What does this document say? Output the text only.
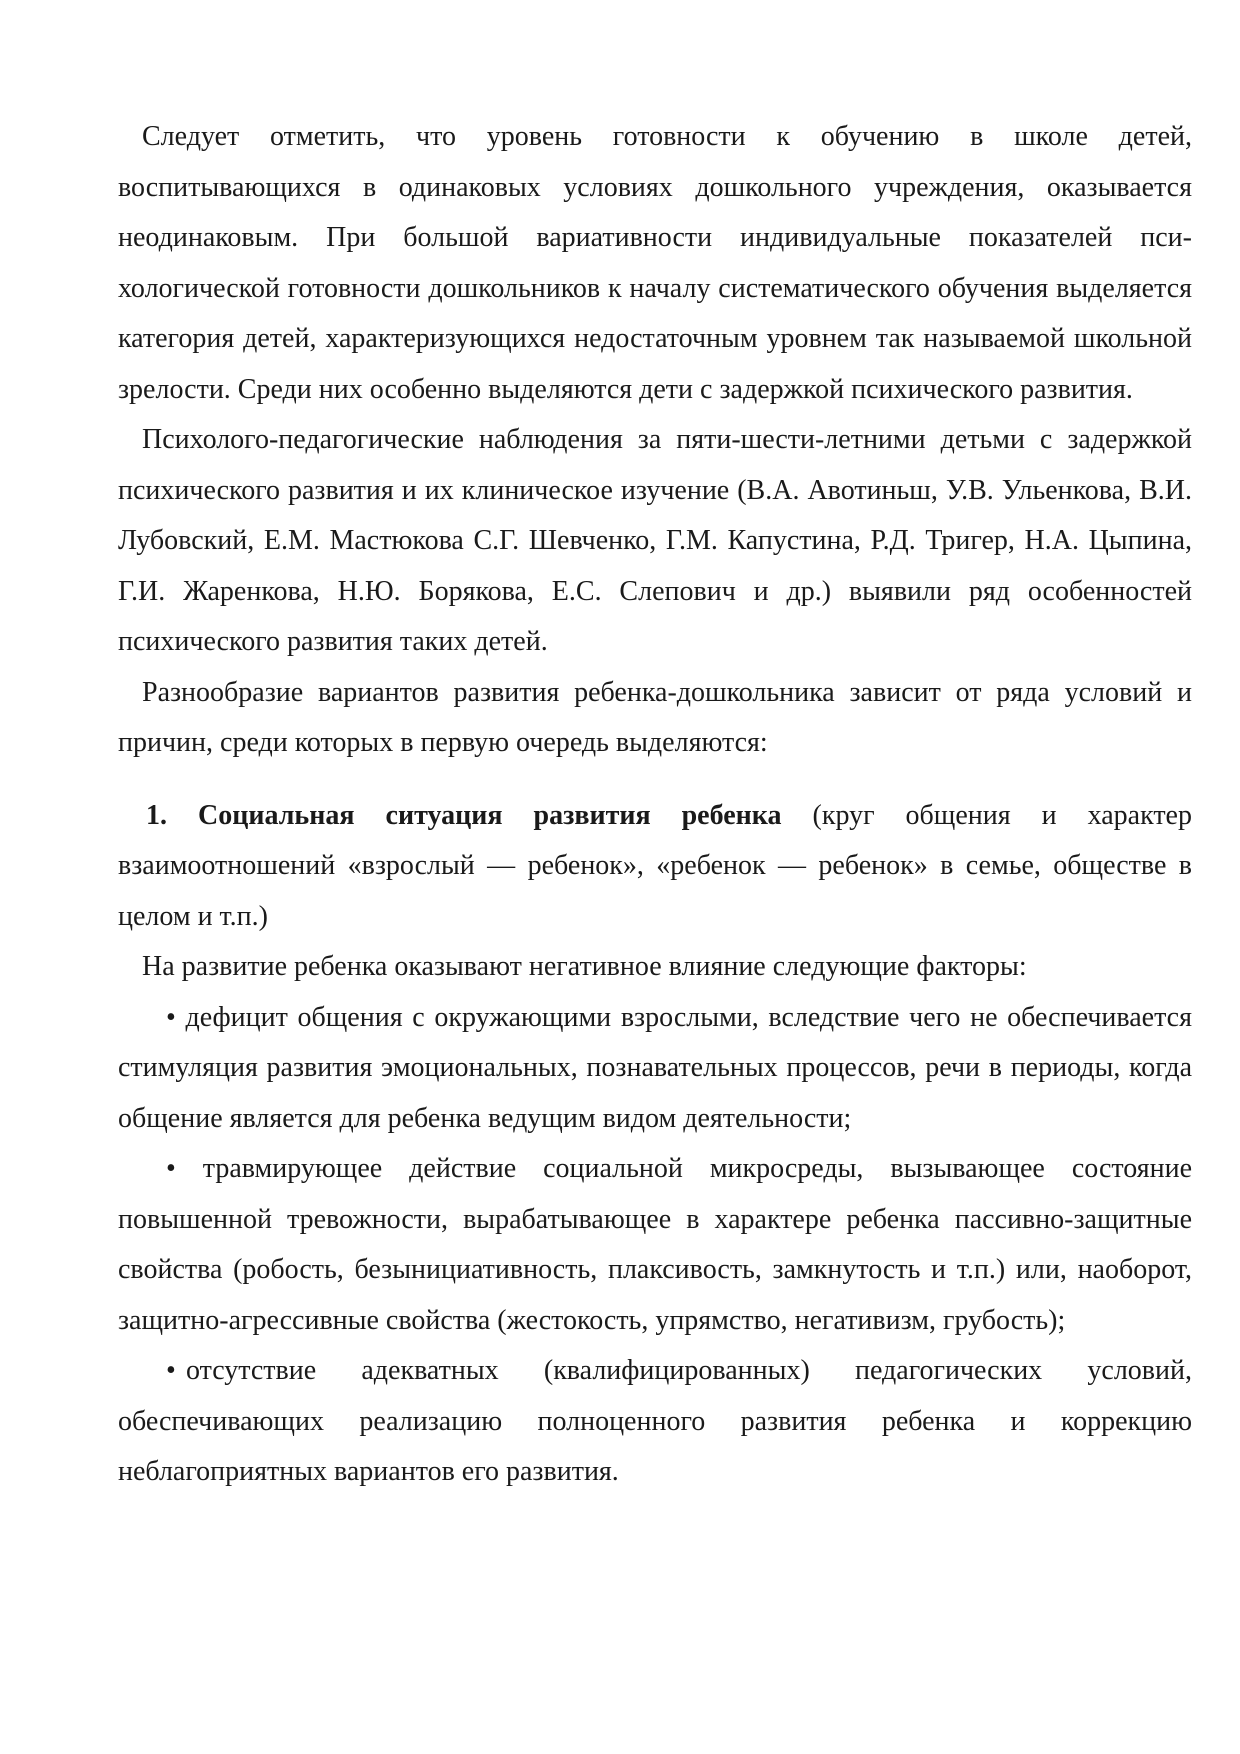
Следует отметить, что уровень готовности к обучению в школе детей, воспитывающихся в одинаковых условиях дошкольного учреждения, оказывается неодинаковым. При большой вариативности индивидуальные показателей психологической готовности дошкольников к началу систематического обучения выделяется категория детей, характеризующихся недостаточным уровнем так называемой школьной зрелости. Среди них особенно выделяются дети с задержкой психического развития.

Психолого-педагогические наблюдения за пяти-шести-летними детьми с задержкой психического развития и их клиническое изучение (В.А. Авотиньш, У.В. Ульенкова, В.И. Лубовский, Е.М. Мастюкова С.Г. Шевченко, Г.М. Капустина, Р.Д. Тригер, Н.А. Цыпина, Г.И. Жаренкова, Н.Ю. Борякова, Е.С. Слепович и др.) выявили ряд особенностей психического развития таких детей.

Разнообразие вариантов развития ребенка-дошкольника зависит от ряда условий и причин, среди которых в первую очередь выделяются:

1. Социальная ситуация развития ребенка (круг общения и характер взаимоотношений «взрослый — ребенок», «ребенок — ребенок» в семье, обществе в целом и т.п.)

На развитие ребенка оказывают негативное влияние следующие факторы:

• дефицит общения с окружающими взрослыми, вследствие чего не обеспечивается стимуляция развития эмоциональных, познавательных процессов, речи в периоды, когда общение является для ребенка ведущим видом деятельности;

• травмирующее действие социальной микросреды, вызывающее состояние повышенной тревожности, вырабатывающее в характере ребенка пассивно-защитные свойства (робость, безынициативность, плаксивость, замкнутость и т.п.) или, наоборот, защитно-агрессивные свойства (жестокость, упрямство, негативизм, грубость);

• отсутствие адекватных (квалифицированных) педагогических условий, обеспечивающих реализацию полноценного развития ребенка и коррекцию неблагоприятных вариантов его развития.
